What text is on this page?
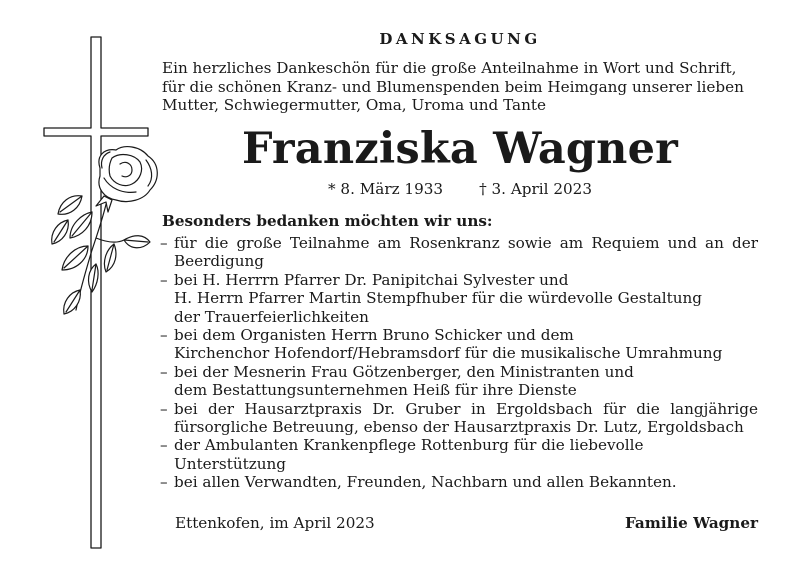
DANKSAGUNG
Ein herzliches Dankeschön für die große Anteilnahme in Wort und Schrift, für die schönen Kranz- und Blumenspenden beim Heimgang unserer lieben Mutter, Schwiegermutter, Oma, Uroma und Tante
Franziska Wagner
* 8. März 1933 † 3. April 2023
Besonders bedanken möchten wir uns:
– für die große Teilnahme am Rosenkranz sowie am Requiem und an der Beerdigung
– bei H. Herrrn Pfarrer Dr. Panipitchai Sylvester und
H. Herrn Pfarrer Martin Stempfhuber für die würdevolle Gestaltung
der Trauerfeierlichkeiten
– bei dem Organisten Herrn Bruno Schicker und dem
Kirchenchor Hofendorf/Hebramsdorf für die musikalische Umrahmung
– bei der Mesnerin Frau Götzenberger, den Ministranten und
dem Bestattungsunternehmen Heiß für ihre Dienste
– bei der Hausarztpraxis Dr. Gruber in Ergoldsbach für die langjährige fürsorgliche Betreuung, ebenso der Hausarztpraxis Dr. Lutz, Ergoldsbach
– der Ambulanten Krankenpflege Rottenburg für die liebevolle
Unterstützung
– bei allen Verwandten, Freunden, Nachbarn und allen Bekannten.
Ettenkofen, im April 2023	Familie Wagner
